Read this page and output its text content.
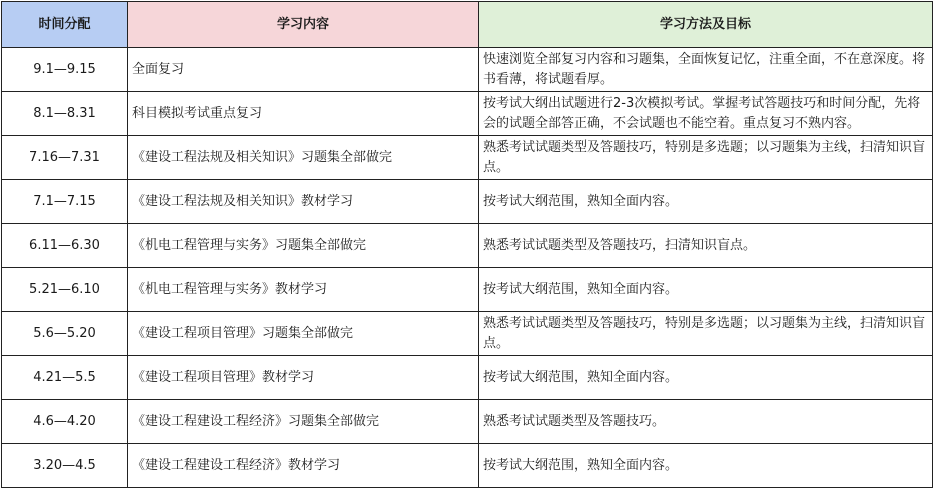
时间分配	学习内容	学习方法及目标
9.1—9.15	全面复习	快速浏览全部复习内容和习题集，全面恢复记忆，注重全面，不在意深度。将书看薄，将试题看厚。
8.1—8.31	科目模拟考试重点复习	按考试大纲出试题进行2-3次模拟考试。掌握考试答题技巧和时间分配，先将会的试题全部答正确，不会试题也不能空着。重点复习不熟内容。
7.16—7.31	《建设工程法规及相关知识》习题集全部做完	熟悉考试试题类型及答题技巧，特别是多选题；以习题集为主线，扫清知识盲点。
7.1—7.15	《建设工程法规及相关知识》教材学习	按考试大纲范围，熟知全面内容。
6.11—6.30	《机电工程管理与实务》习题集全部做完	熟悉考试试题类型及答题技巧，扫清知识盲点。
5.21—6.10	《机电工程管理与实务》教材学习	按考试大纲范围，熟知全面内容。
5.6—5.20	《建设工程项目管理》习题集全部做完	熟悉考试试题类型及答题技巧，特别是多选题；以习题集为主线，扫清知识盲点。
4.21—5.5	《建设工程项目管理》教材学习	按考试大纲范围，熟知全面内容。
4.6—4.20	《建设工程建设工程经济》习题集全部做完	熟悉考试试题类型及答题技巧。
3.20—4.5	《建设工程建设工程经济》教材学习	按考试大纲范围，熟知全面内容。
